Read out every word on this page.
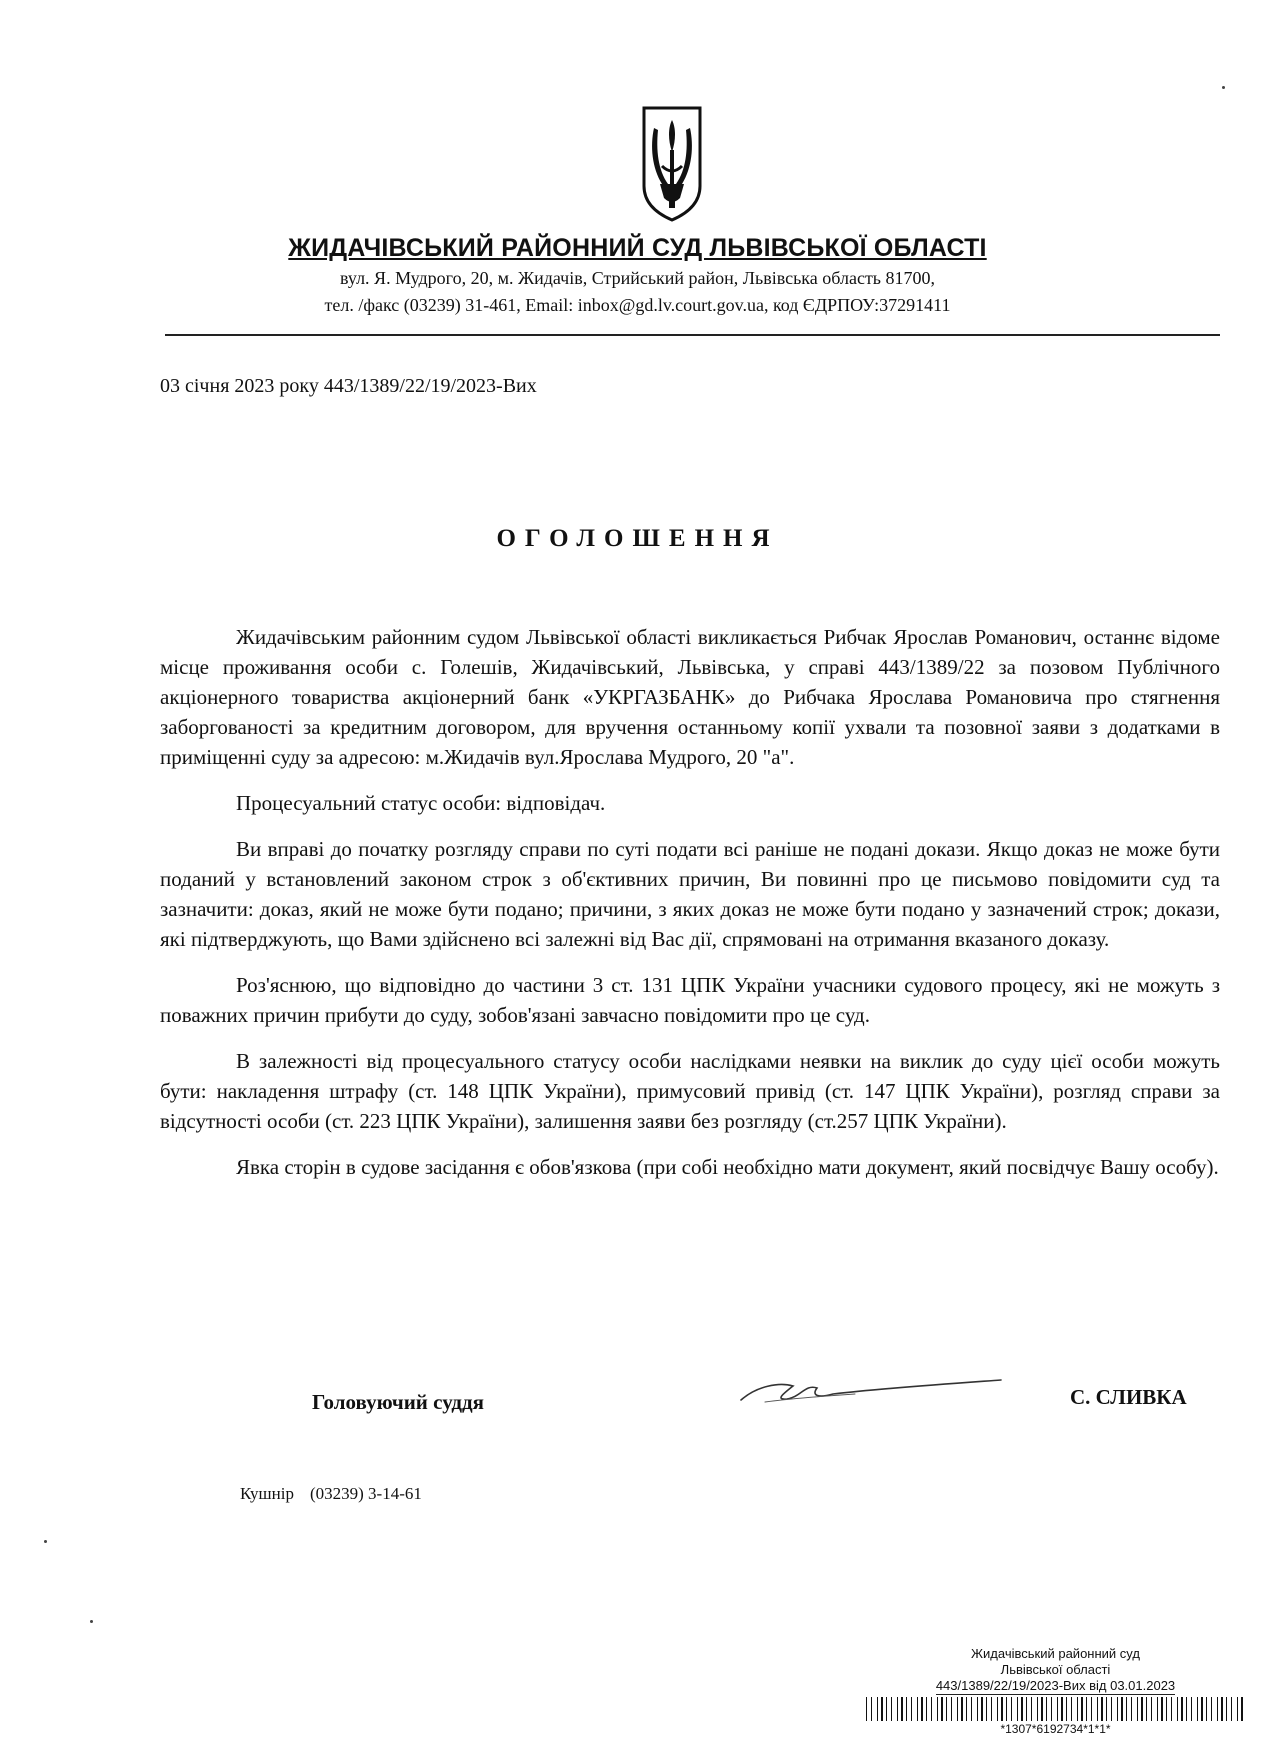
ЖИДАЧІВСЬКИЙ РАЙОННИЙ СУД ЛЬВІВСЬКОЇ ОБЛАСТІ
вул. Я. Мудрого, 20, м. Жидачів, Стрийський район, Львівська область 81700,
тел. /факс (03239) 31-461, Email: inbox@gd.lv.court.gov.ua, код ЄДРПОУ:37291411
03 січня 2023 року 443/1389/22/19/2023-Вих
ОГОЛОШЕННЯ

Жидачівським районним судом Львівської області викликається Рибчак Ярослав Романович, останнє відоме місце проживання особи с. Голешів, Жидачівський, Львівська, у справі 443/1389/22 за позовом Публічного акціонерного товариства акціонерний банк «УКРГАЗБАНК» до Рибчака Ярослава Романовича про стягнення заборгованості за кредитним договором, для вручення останньому копії ухвали та позовної заяви з додатками в приміщенні суду за адресою: м.Жидачів вул.Ярослава Мудрого, 20 "а".

Процесуальний статус особи: відповідач.

Ви вправі до початку розгляду справи по суті подати всі раніше не подані докази. Якщо доказ не може бути поданий у встановлений законом строк з об'єктивних причин, Ви повинні про це письмово повідомити суд та зазначити: доказ, який не може бути подано; причини, з яких доказ не може бути подано у зазначений строк; докази, які підтверджують, що Вами здійснено всі залежні від Вас дії, спрямовані на отримання вказаного доказу.

Роз'яснюю, що відповідно до частини 3 ст. 131 ЦПК України учасники судового процесу, які не можуть з поважних причин прибути до суду, зобов'язані завчасно повідомити про це суд.

В залежності від процесуального статусу особи наслідками неявки на виклик до суду цієї особи можуть бути: накладення штрафу (ст. 148 ЦПК України), примусовий привід (ст. 147 ЦПК України), розгляд справи за відсутності особи (ст. 223 ЦПК України), залишення заяви без розгляду (ст.257 ЦПК України).

Явка сторін в судове засідання є обов'язкова (при собі необхідно мати документ, який посвідчує Вашу особу).

Головуючий суддя	С. СЛИВКА
Кушнір (03239) 3-14-61
Жидачівський районний суд
Львівської області
443/1389/22/19/2023-Вих від 03.01.2023
*1307*6192734*1*1*
